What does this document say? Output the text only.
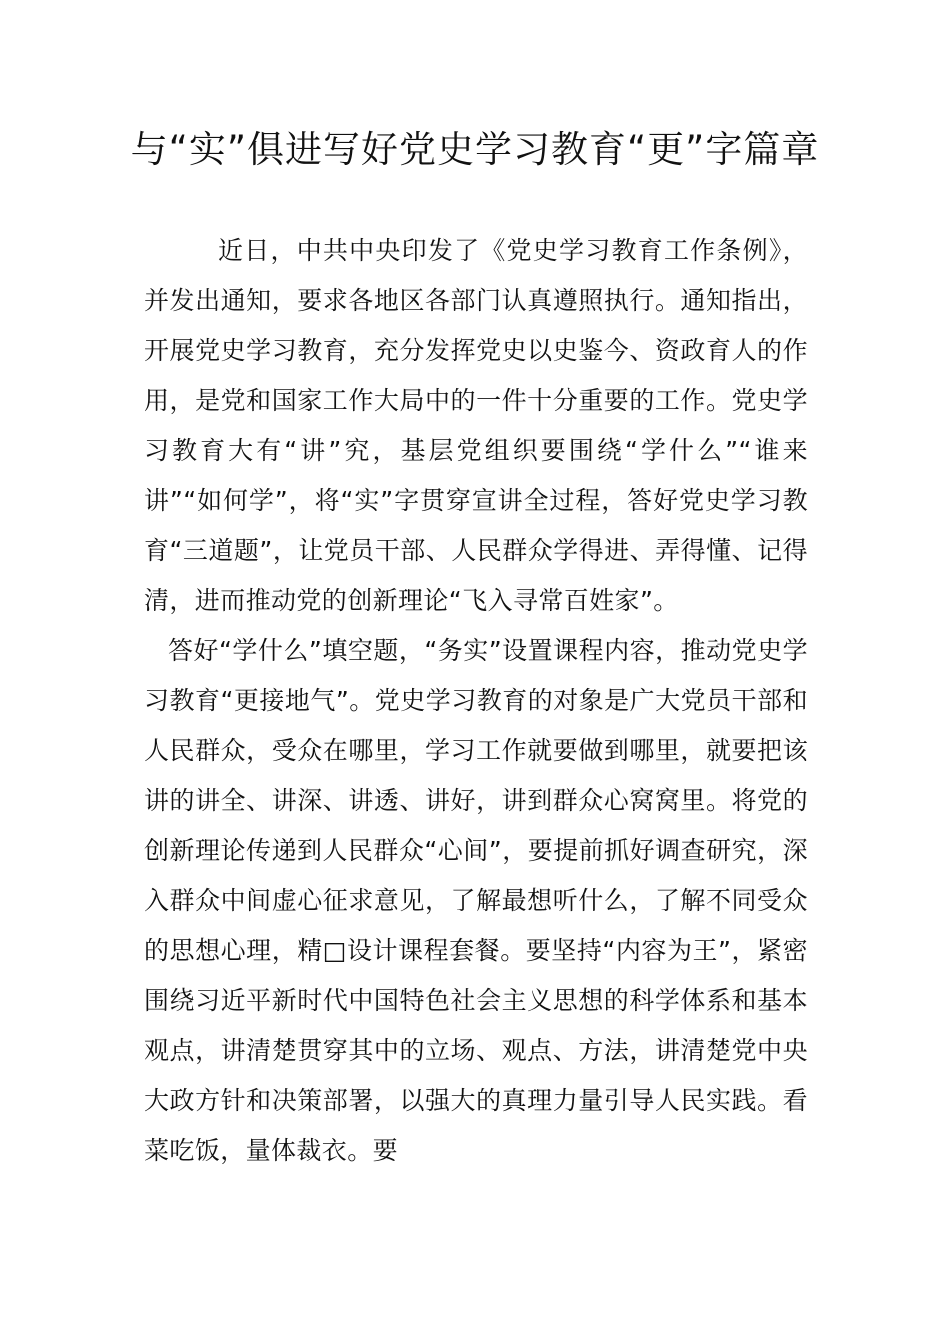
与“实”俱进写好党史学习教育“更”字篇章

近日，中共中央印发了《党史学习教育工作条例》，并发出通知，要求各地区各部门认真遵照执行。通知指出，开展党史学习教育，充分发挥党史以史鉴今、资政育人的作用，是党和国家工作大局中的一件十分重要的工作。党史学习教育大有“讲”究，基层党组织要围绕“学什么”“谁来讲”“如何学”，将“实”字贯穿宣讲全过程，答好党史学习教育“三道题”，让党员干部、人民群众学得进、弄得懂、记得清，进而推动党的创新理论“飞入寻常百姓家”。

答好“学什么”填空题，“务实”设置课程内容，推动党史学习教育“更接地气”。党史学习教育的对象是广大党员干部和人民群众，受众在哪里，学习工作就要做到哪里，就要把该讲的讲全、讲深、讲透、讲好，讲到群众心窝窝里。将党的创新理论传递到人民群众“心间”，要提前抓好调查研究，深入群众中间虚心征求意见，了解最想听什么，了解不同受众的思想心理，精□设计课程套餐。要坚持“内容为王”，紧密围绕习近平新时代中国特色社会主义思想的科学体系和基本观点，讲清楚贯穿其中的立场、观点、方法，讲清楚党中央大政方针和决策部署，以强大的真理力量引导人民实践。看菜吃饭，量体裁衣。要
